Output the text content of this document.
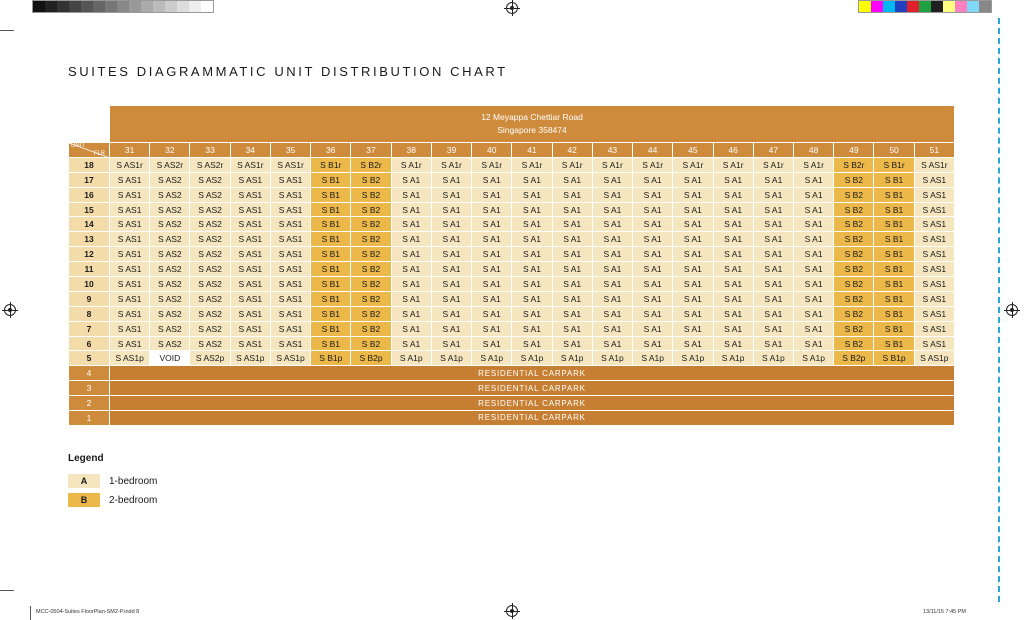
SUITES DIAGRAMMATIC UNIT DISTRIBUTION CHART

	12 Meyappa Chettiar Road
Singapore 358474																				

UNIT
FLR	31	32	33	34	35	36	37	38	39	40	41	42	43	44	45	46	47	48	49	50	51
18	S AS1r	S AS2r	S AS2r	S AS1r	S AS1r	S B1r	S B2r	S A1r	S A1r	S A1r	S A1r	S A1r	S A1r	S A1r	S A1r	S A1r	S A1r	S A1r	S B2r	S B1r	S AS1r
17	S AS1	S AS2	S AS2	S AS1	S AS1	S B1	S B2	S A1	S A1	S A1	S A1	S A1	S A1	S A1	S A1	S A1	S A1	S A1	S B2	S B1	S AS1
16	S AS1	S AS2	S AS2	S AS1	S AS1	S B1	S B2	S A1	S A1	S A1	S A1	S A1	S A1	S A1	S A1	S A1	S A1	S A1	S B2	S B1	S AS1
15	S AS1	S AS2	S AS2	S AS1	S AS1	S B1	S B2	S A1	S A1	S A1	S A1	S A1	S A1	S A1	S A1	S A1	S A1	S A1	S B2	S B1	S AS1
14	S AS1	S AS2	S AS2	S AS1	S AS1	S B1	S B2	S A1	S A1	S A1	S A1	S A1	S A1	S A1	S A1	S A1	S A1	S A1	S B2	S B1	S AS1
13	S AS1	S AS2	S AS2	S AS1	S AS1	S B1	S B2	S A1	S A1	S A1	S A1	S A1	S A1	S A1	S A1	S A1	S A1	S A1	S B2	S B1	S AS1
12	S AS1	S AS2	S AS2	S AS1	S AS1	S B1	S B2	S A1	S A1	S A1	S A1	S A1	S A1	S A1	S A1	S A1	S A1	S A1	S B2	S B1	S AS1
11	S AS1	S AS2	S AS2	S AS1	S AS1	S B1	S B2	S A1	S A1	S A1	S A1	S A1	S A1	S A1	S A1	S A1	S A1	S A1	S B2	S B1	S AS1
10	S AS1	S AS2	S AS2	S AS1	S AS1	S B1	S B2	S A1	S A1	S A1	S A1	S A1	S A1	S A1	S A1	S A1	S A1	S A1	S B2	S B1	S AS1
9	S AS1	S AS2	S AS2	S AS1	S AS1	S B1	S B2	S A1	S A1	S A1	S A1	S A1	S A1	S A1	S A1	S A1	S A1	S A1	S B2	S B1	S AS1
8	S AS1	S AS2	S AS2	S AS1	S AS1	S B1	S B2	S A1	S A1	S A1	S A1	S A1	S A1	S A1	S A1	S A1	S A1	S A1	S B2	S B1	S AS1
7	S AS1	S AS2	S AS2	S AS1	S AS1	S B1	S B2	S A1	S A1	S A1	S A1	S A1	S A1	S A1	S A1	S A1	S A1	S A1	S B2	S B1	S AS1
6	S AS1	S AS2	S AS2	S AS1	S AS1	S B1	S B2	S A1	S A1	S A1	S A1	S A1	S A1	S A1	S A1	S A1	S A1	S A1	S B2	S B1	S AS1
5	S AS1p	VOID	S AS2p	S AS1p	S AS1p	S B1p	S B2p	S A1p	S A1p	S A1p	S A1p	S A1p	S A1p	S A1p	S A1p	S A1p	S A1p	S A1p	S B2p	S B1p	S AS1p
4	RESIDENTIAL CARPARK																				
3	RESIDENTIAL CARPARK																				
2	RESIDENTIAL CARPARK																				
1	RESIDENTIAL CARPARK																				
Legend
A	1-bedroom
B	2-bedroom
MCC-0504-Suites FloorPlan-SM2-P.indd 8	13/11/15 7:45 PM
